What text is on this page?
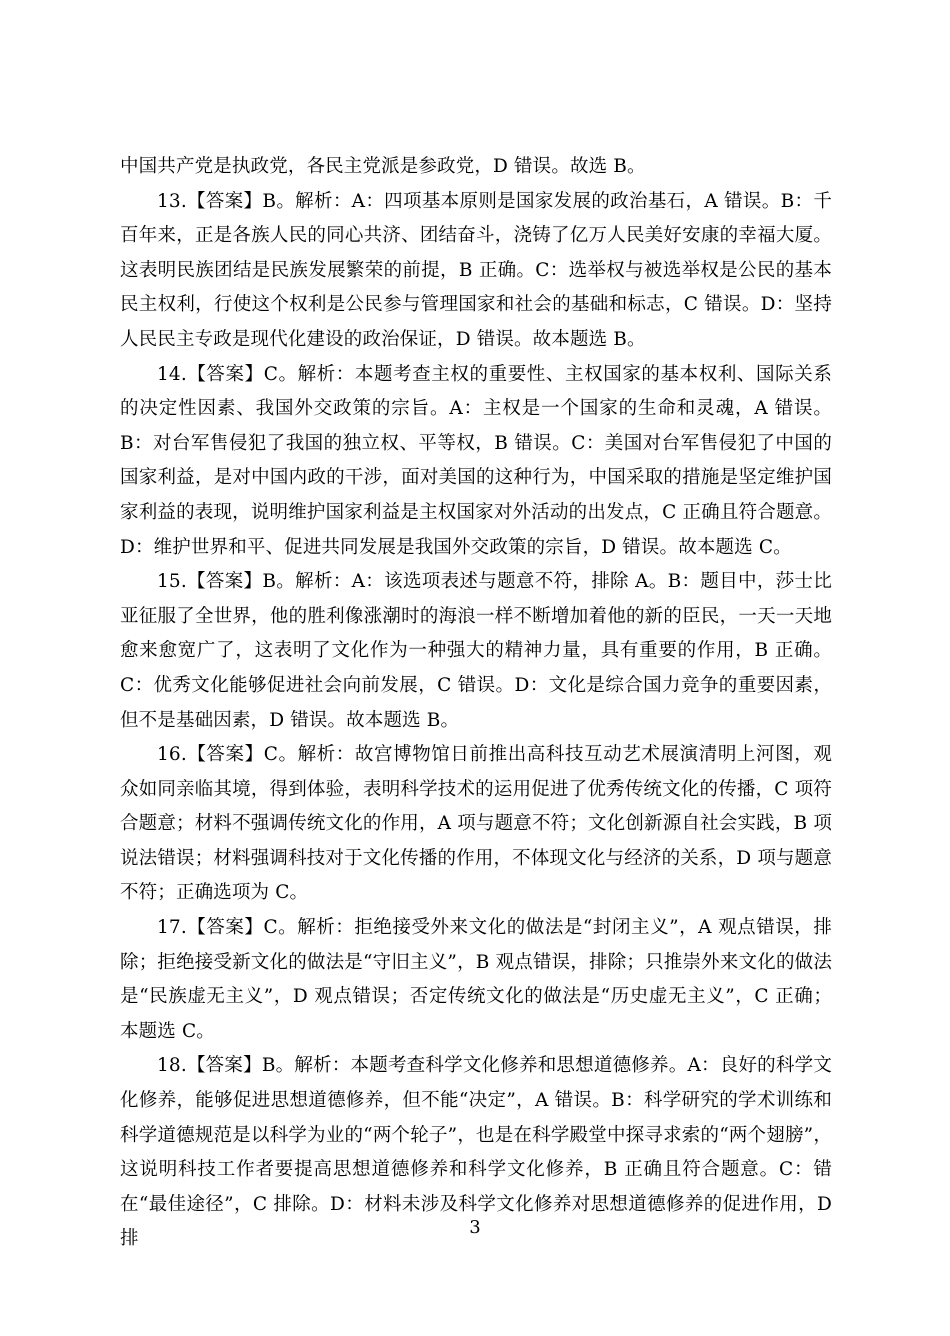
中国共产党是执政党，各民主党派是参政党，D 错误。故选 B。

13.【答案】B。解析：A：四项基本原则是国家发展的政治基石，A 错误。B：千百年来，正是各族人民的同心共济、团结奋斗，浇铸了亿万人民美好安康的幸福大厦。这表明民族团结是民族发展繁荣的前提，B 正确。C：选举权与被选举权是公民的基本民主权利，行使这个权利是公民参与管理国家和社会的基础和标志，C 错误。D：坚持人民民主专政是现代化建设的政治保证，D 错误。故本题选 B。

14.【答案】C。解析：本题考查主权的重要性、主权国家的基本权利、国际关系的决定性因素、我国外交政策的宗旨。A：主权是一个国家的生命和灵魂，A 错误。B：对台军售侵犯了我国的独立权、平等权，B 错误。C：美国对台军售侵犯了中国的国家利益，是对中国内政的干涉，面对美国的这种行为，中国采取的措施是坚定维护国家利益的表现，说明维护国家利益是主权国家对外活动的出发点，C 正确且符合题意。D：维护世界和平、促进共同发展是我国外交政策的宗旨，D 错误。故本题选 C。

15.【答案】B。解析：A：该选项表述与题意不符，排除 A。B：题目中，莎士比亚征服了全世界，他的胜利像涨潮时的海浪一样不断增加着他的新的臣民，一天一天地愈来愈宽广了，这表明了文化作为一种强大的精神力量，具有重要的作用，B 正确。C：优秀文化能够促进社会向前发展，C 错误。D：文化是综合国力竞争的重要因素，但不是基础因素，D 错误。故本题选 B。

16.【答案】C。解析：故宫博物馆日前推出高科技互动艺术展演清明上河图，观众如同亲临其境，得到体验，表明科学技术的运用促进了优秀传统文化的传播，C 项符合题意；材料不强调传统文化的作用，A 项与题意不符；文化创新源自社会实践，B 项说法错误；材料强调科技对于文化传播的作用，不体现文化与经济的关系，D 项与题意不符；正确选项为 C。

17.【答案】C。解析：拒绝接受外来文化的做法是“封闭主义”，A 观点错误，排除；拒绝接受新文化的做法是“守旧主义”，B 观点错误，排除；只推崇外来文化的做法是“民族虚无主义”，D 观点错误；否定传统文化的做法是“历史虚无主义”，C 正确；本题选 C。

18.【答案】B。解析：本题考查科学文化修养和思想道德修养。A：良好的科学文化修养，能够促进思想道德修养，但不能“决定”，A 错误。B：科学研究的学术训练和科学道德规范是以科学为业的“两个轮子”，也是在科学殿堂中探寻求索的“两个翅膀”，这说明科技工作者要提高思想道德修养和科学文化修养，B 正确且符合题意。C：错在“最佳途径”，C 排除。D：材料未涉及科学文化修养对思想道德修养的促进作用，D 排

3
